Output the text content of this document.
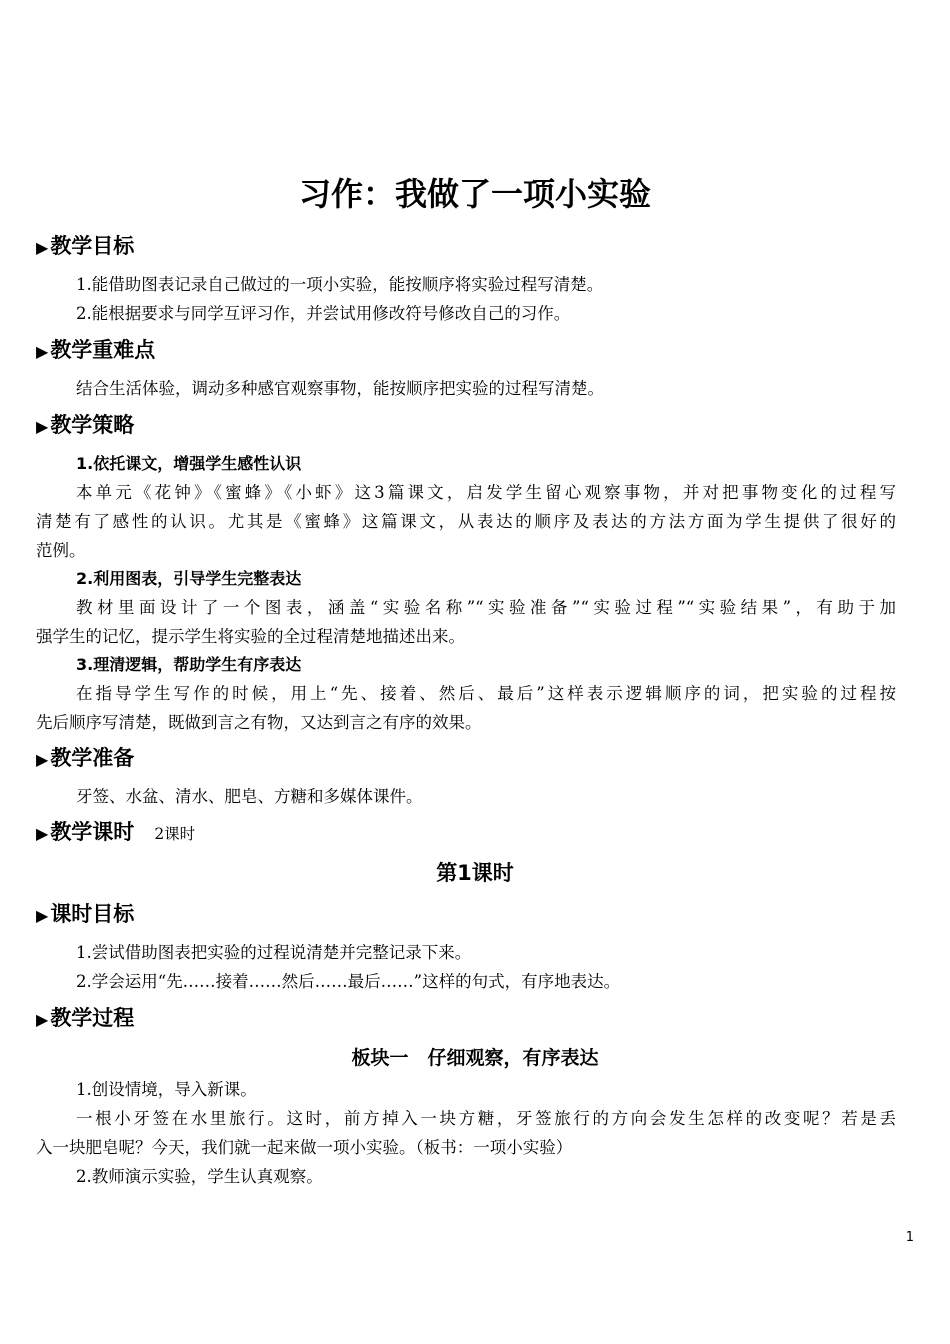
习作：我做了一项小实验
▶教学目标
1.能借助图表记录自己做过的一项小实验，能按顺序将实验过程写清楚。
2.能根据要求与同学互评习作，并尝试用修改符号修改自己的习作。
▶教学重难点
结合生活体验，调动多种感官观察事物，能按顺序把实验的过程写清楚。
▶教学策略
1.依托课文，增强学生感性认识
本单元《花钟》《蜜蜂》《小虾》这3篇课文，启发学生留心观察事物，并对把事物变化的过程写
清楚有了感性的认识。尤其是《蜜蜂》这篇课文，从表达的顺序及表达的方法方面为学生提供了很好的
范例。
2.利用图表，引导学生完整表达
教材里面设计了一个图表，涵盖“实验名称”“实验准备”“实验过程”“实验结果”，有助于加
强学生的记忆，提示学生将实验的全过程清楚地描述出来。
3.理清逻辑，帮助学生有序表达
在指导学生写作的时候，用上“先、接着、然后、最后”这样表示逻辑顺序的词，把实验的过程按
先后顺序写清楚，既做到言之有物，又达到言之有序的效果。
▶教学准备
牙签、水盆、清水、肥皂、方糖和多媒体课件。
▶教学课时 2课时
第1课时
▶课时目标
1.尝试借助图表把实验的过程说清楚并完整记录下来。
2.学会运用“先……接着……然后……最后……”这样的句式，有序地表达。
▶教学过程
板块一　仔细观察，有序表达
1.创设情境，导入新课。
一根小牙签在水里旅行。这时，前方掉入一块方糖，牙签旅行的方向会发生怎样的改变呢？若是丢
入一块肥皂呢？今天，我们就一起来做一项小实验。（板书：一项小实验）
2.教师演示实验，学生认真观察。
1
